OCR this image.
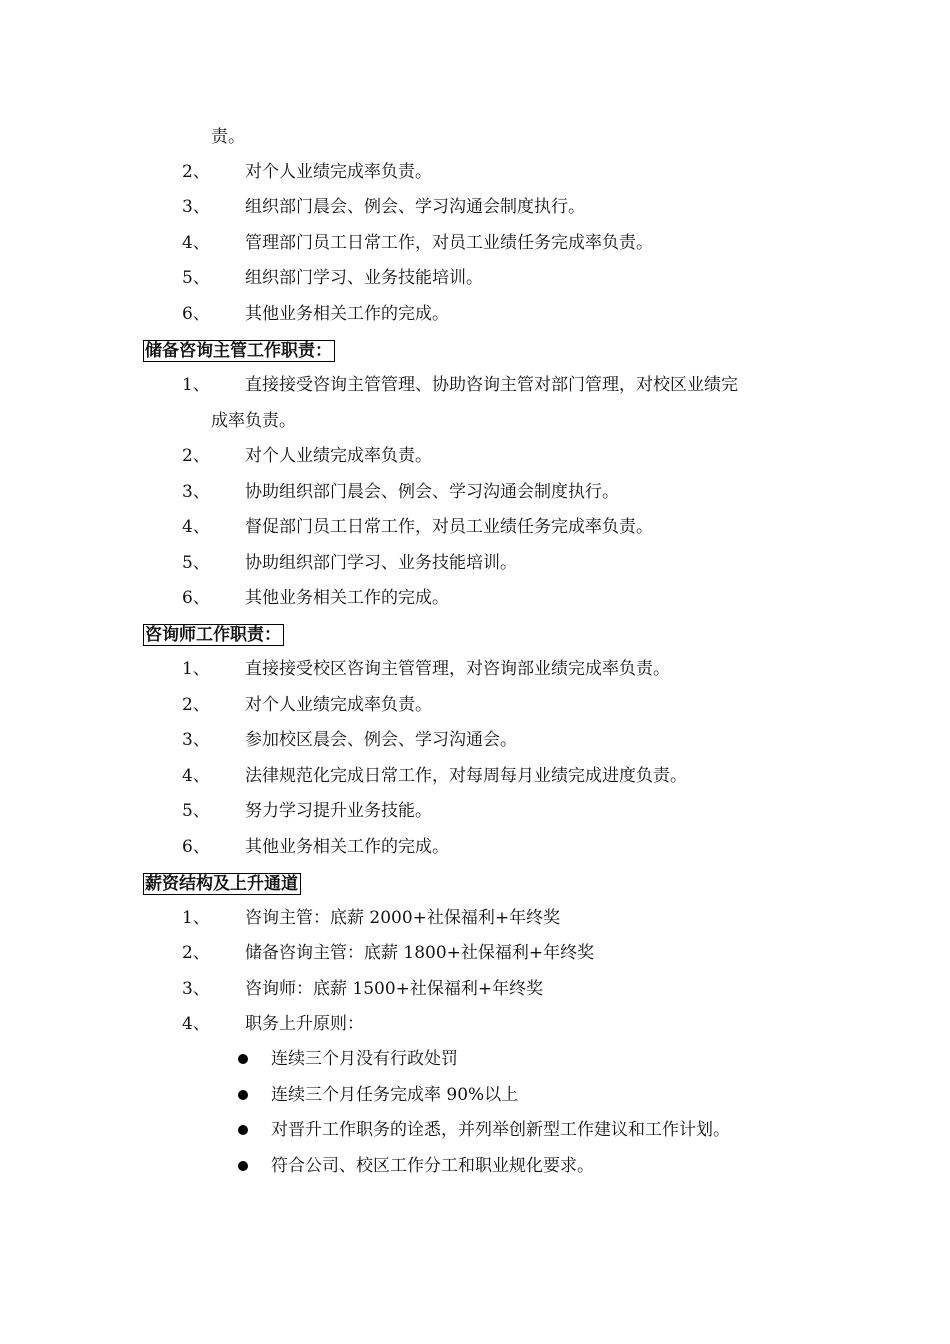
责。
2、 对个人业绩完成率负责。
3、 组织部门晨会、例会、学习沟通会制度执行。
4、 管理部门员工日常工作，对员工业绩任务完成率负责。
5、 组织部门学习、业务技能培训。
6、 其他业务相关工作的完成。
储备咨询主管工作职责：
1、 直接接受咨询主管管理、协助咨询主管对部门管理，对校区业绩完
成率负责。
2、 对个人业绩完成率负责。
3、 协助组织部门晨会、例会、学习沟通会制度执行。
4、 督促部门员工日常工作，对员工业绩任务完成率负责。
5、 协助组织部门学习、业务技能培训。
6、 其他业务相关工作的完成。
咨询师工作职责：
1、 直接接受校区咨询主管管理，对咨询部业绩完成率负责。
2、 对个人业绩完成率负责。
3、 参加校区晨会、例会、学习沟通会。
4、 法律规范化完成日常工作，对每周每月业绩完成进度负责。
5、 努力学习提升业务技能。
6、 其他业务相关工作的完成。
薪资结构及上升通道
1、 咨询主管：底薪 2000+社保福利+年终奖
2、 储备咨询主管：底薪 1800+社保福利+年终奖
3、 咨询师：底薪 1500+社保福利+年终奖
4、 职务上升原则：
连续三个月没有行政处罚
连续三个月任务完成率 90%以上
对晋升工作职务的诠悉，并列举创新型工作建议和工作计划。
符合公司、校区工作分工和职业规化要求。
